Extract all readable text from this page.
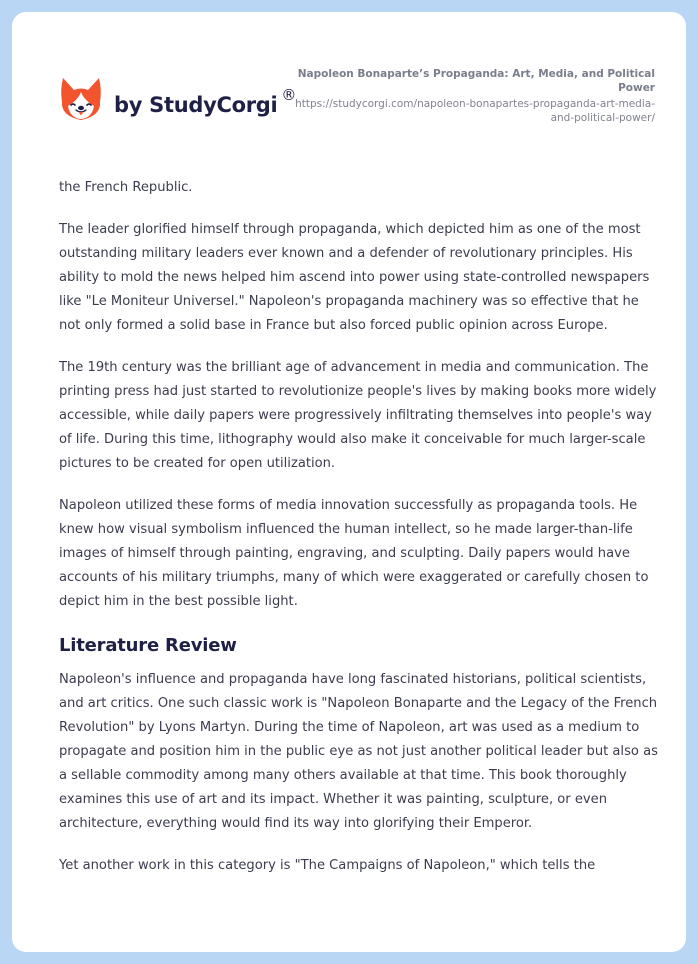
by StudyCorgi ®

Napoleon Bonaparte’s Propaganda: Art, Media, and Political Power

https://studycorgi.com/napoleon-bonapartes-propaganda-art-media-and-political-power/

the French Republic.

The leader glorified himself through propaganda, which depicted him as one of the most outstanding military leaders ever known and a defender of revolutionary principles. His ability to mold the news helped him ascend into power using state-controlled newspapers like "Le Moniteur Universel." Napoleon's propaganda machinery was so effective that he not only formed a solid base in France but also forced public opinion across Europe.

The 19th century was the brilliant age of advancement in media and communication. The printing press had just started to revolutionize people's lives by making books more widely accessible, while daily papers were progressively infiltrating themselves into people's way of life. During this time, lithography would also make it conceivable for much larger-scale pictures to be created for open utilization.

Napoleon utilized these forms of media innovation successfully as propaganda tools. He knew how visual symbolism influenced the human intellect, so he made larger-than-life images of himself through painting, engraving, and sculpting. Daily papers would have accounts of his military triumphs, many of which were exaggerated or carefully chosen to depict him in the best possible light.

Literature Review

Napoleon's influence and propaganda have long fascinated historians, political scientists, and art critics. One such classic work is "Napoleon Bonaparte and the Legacy of the French Revolution" by Lyons Martyn. During the time of Napoleon, art was used as a medium to propagate and position him in the public eye as not just another political leader but also as a sellable commodity among many others available at that time. This book thoroughly examines this use of art and its impact. Whether it was painting, sculpture, or even architecture, everything would find its way into glorifying their Emperor.

Yet another work in this category is "The Campaigns of Napoleon," which tells the
